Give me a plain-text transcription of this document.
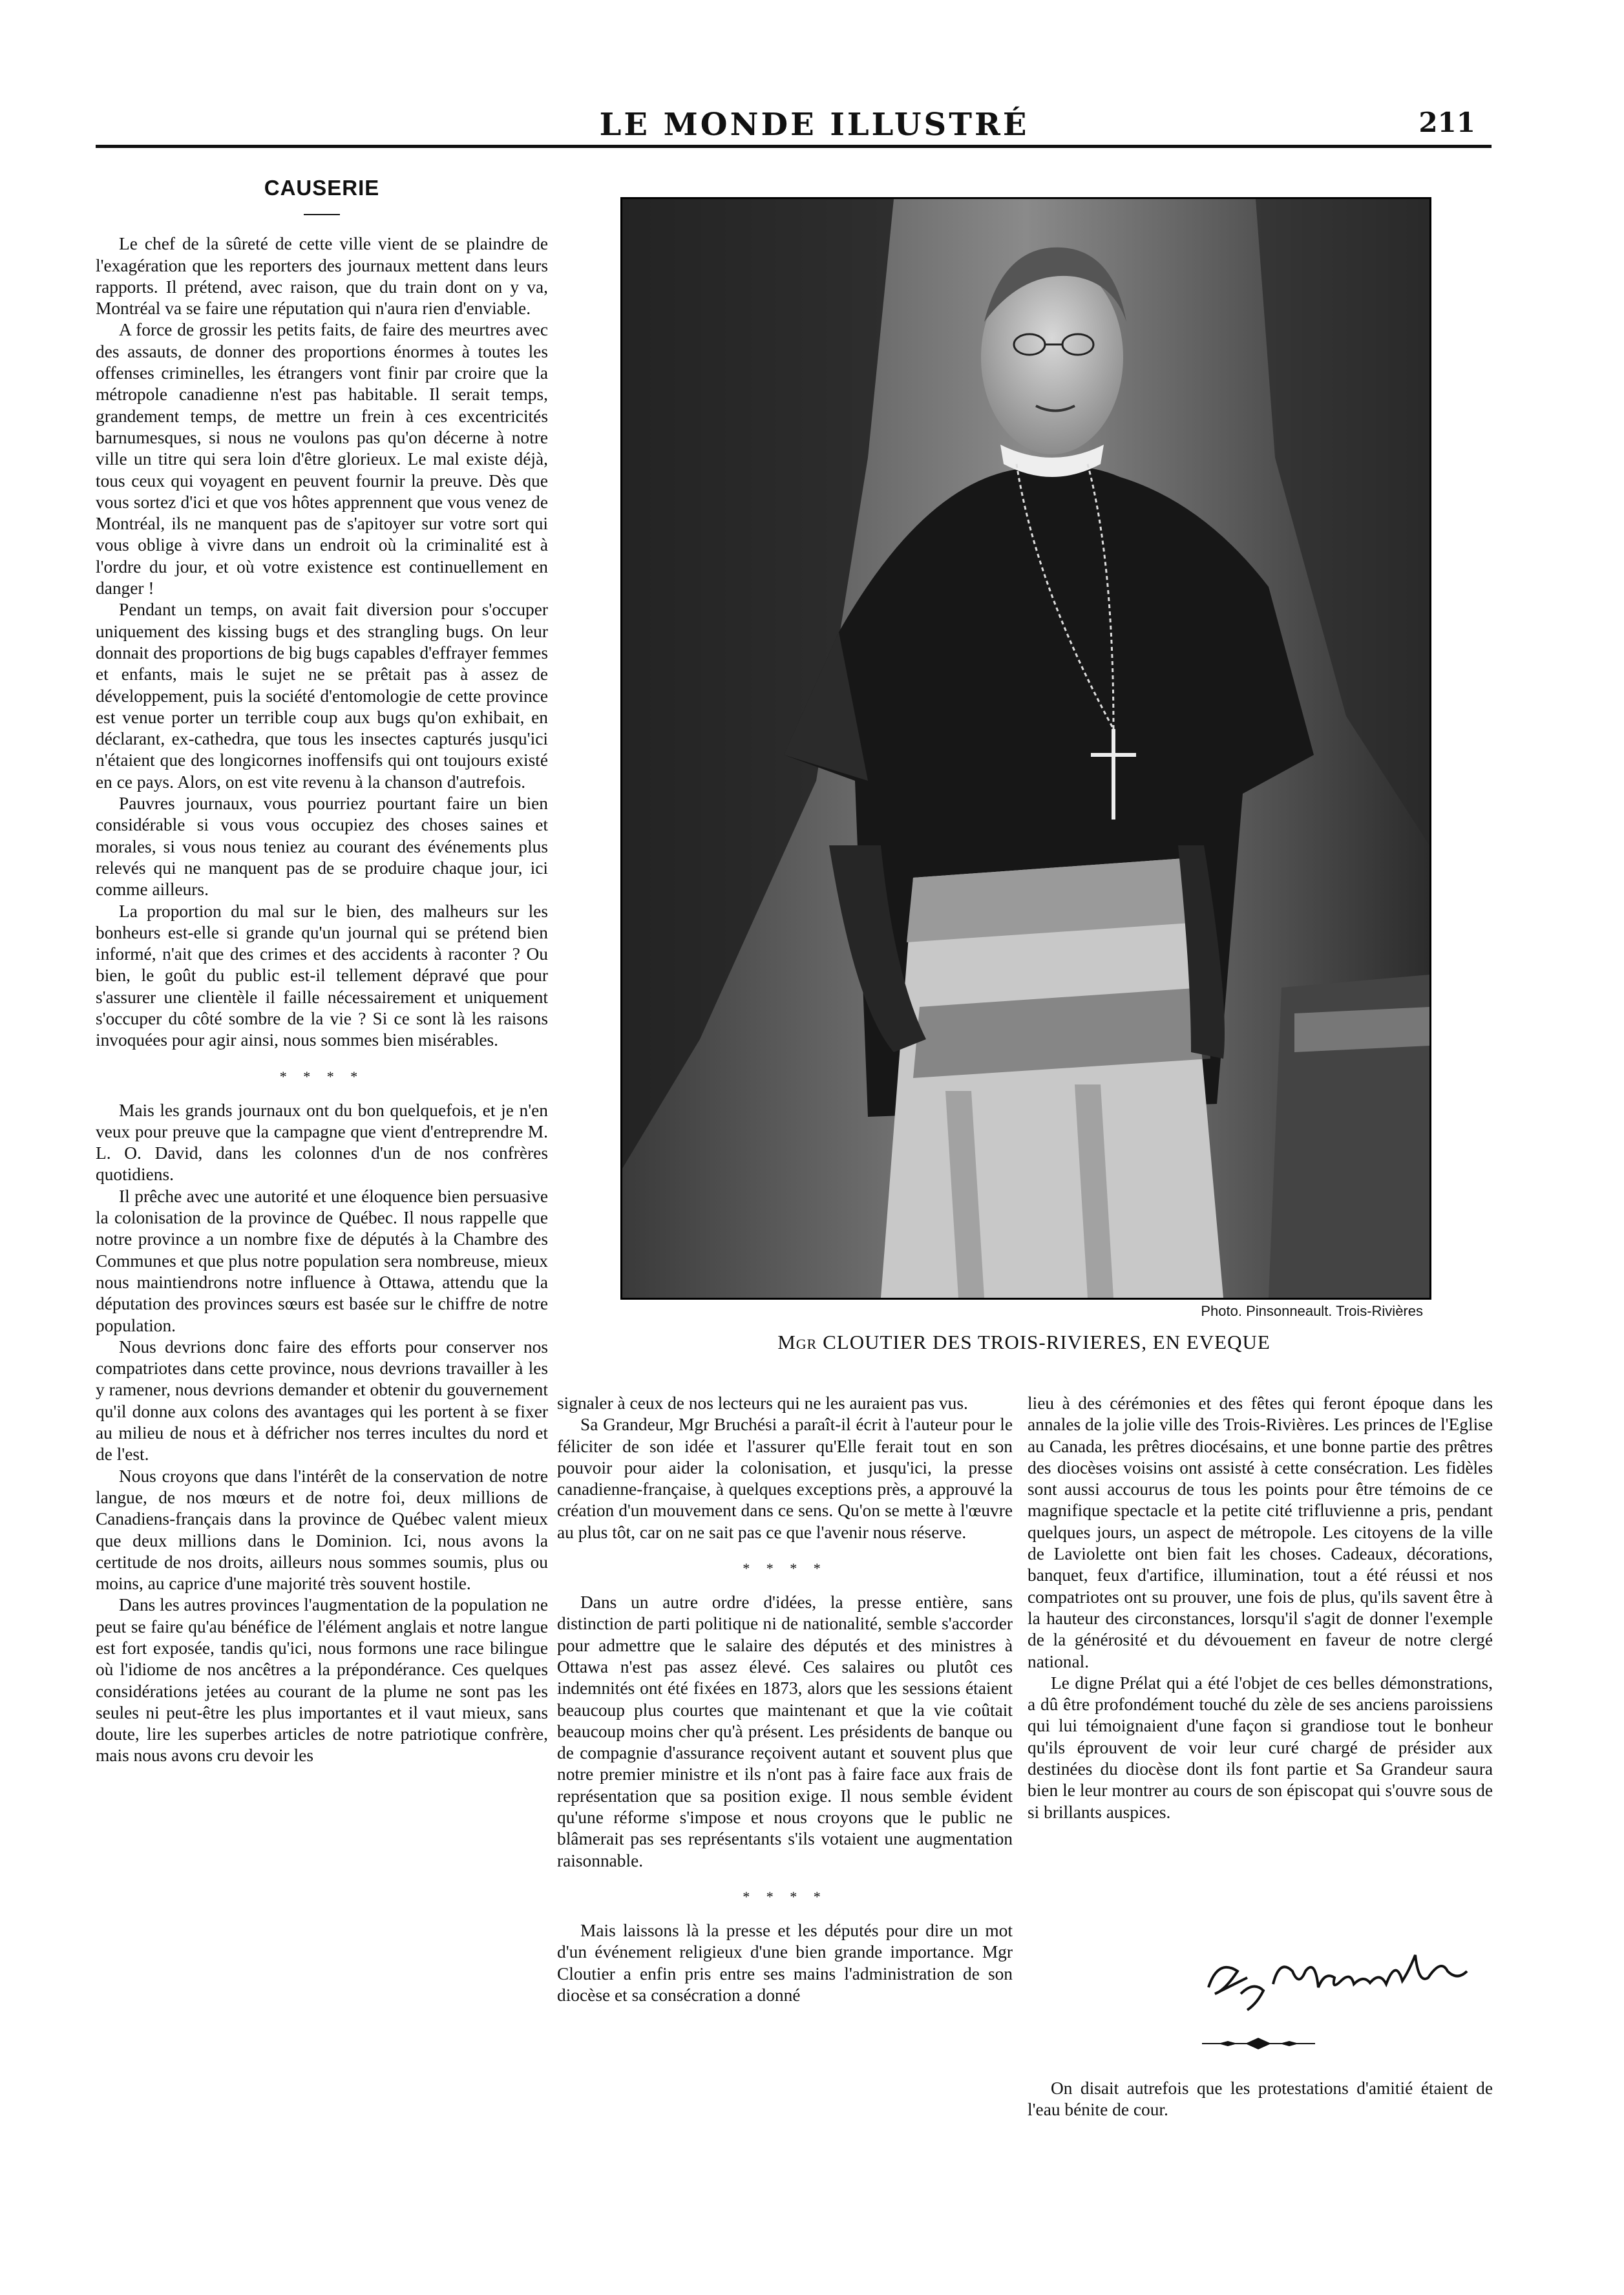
LE MONDE ILLUSTRÉ	211
CAUSERIE

Le chef de la sûreté de cette ville vient de se plaindre de l'exagération que les reporters des journaux mettent dans leurs rapports. Il prétend, avec raison, que du train dont on y va, Montréal va se faire une réputation qui n'aura rien d'enviable.

A force de grossir les petits faits, de faire des meurtres avec des assauts, de donner des proportions énormes à toutes les offenses criminelles, les étrangers vont finir par croire que la métropole canadienne n'est pas habitable. Il serait temps, grandement temps, de mettre un frein à ces excentricités barnumesques, si nous ne voulons pas qu'on décerne à notre ville un titre qui sera loin d'être glorieux. Le mal existe déjà, tous ceux qui voyagent en peuvent fournir la preuve. Dès que vous sortez d'ici et que vos hôtes apprennent que vous venez de Montréal, ils ne manquent pas de s'apitoyer sur votre sort qui vous oblige à vivre dans un endroit où la criminalité est à l'ordre du jour, et où votre existence est continuellement en danger !

Pendant un temps, on avait fait diversion pour s'occuper uniquement des kissing bugs et des strangling bugs. On leur donnait des proportions de big bugs capables d'effrayer femmes et enfants, mais le sujet ne se prêtait pas à assez de développement, puis la société d'entomologie de cette province est venue porter un terrible coup aux bugs qu'on exhibait, en déclarant, ex-cathedra, que tous les insectes capturés jusqu'ici n'étaient que des longicornes inoffensifs qui ont toujours existé en ce pays. Alors, on est vite revenu à la chanson d'autrefois.

Pauvres journaux, vous pourriez pourtant faire un bien considérable si vous vous occupiez des choses saines et morales, si vous nous teniez au courant des événements plus relevés qui ne manquent pas de se produire chaque jour, ici comme ailleurs.

La proportion du mal sur le bien, des malheurs sur les bonheurs est-elle si grande qu'un journal qui se prétend bien informé, n'ait que des crimes et des accidents à raconter ? Ou bien, le goût du public est-il tellement dépravé que pour s'assurer une clientèle il faille nécessairement et uniquement s'occuper du côté sombre de la vie ? Si ce sont là les raisons invoquées pour agir ainsi, nous sommes bien misérables.

* * * *

Mais les grands journaux ont du bon quelquefois, et je n'en veux pour preuve que la campagne que vient d'entreprendre M. L. O. David, dans les colonnes d'un de nos confrères quotidiens.

Il prêche avec une autorité et une éloquence bien persuasive la colonisation de la province de Québec. Il nous rappelle que notre province a un nombre fixe de députés à la Chambre des Communes et que plus notre population sera nombreuse, mieux nous maintiendrons notre influence à Ottawa, attendu que la députation des provinces sœurs est basée sur le chiffre de notre population.

Nous devrions donc faire des efforts pour conserver nos compatriotes dans cette province, nous devrions travailler à les y ramener, nous devrions demander et obtenir du gouvernement qu'il donne aux colons des avantages qui les portent à se fixer au milieu de nous et à défricher nos terres incultes du nord et de l'est.

Nous croyons que dans l'intérêt de la conservation de notre langue, de nos mœurs et de notre foi, deux millions de Canadiens-français dans la province de Québec valent mieux que deux millions dans le Dominion. Ici, nous avons la certitude de nos droits, ailleurs nous sommes soumis, plus ou moins, au caprice d'une majorité très souvent hostile.

Dans les autres provinces l'augmentation de la population ne peut se faire qu'au bénéfice de l'élément anglais et notre langue est fort exposée, tandis qu'ici, nous formons une race bilingue où l'idiome de nos ancêtres a la prépondérance. Ces quelques considérations jetées au courant de la plume ne sont pas les seules ni peut-être les plus importantes et il vaut mieux, sans doute, lire les superbes articles de notre patriotique confrère, mais nous avons cru devoir les

Photo. Pinsonneault. Trois-Rivières
Mgr CLOUTIER DES TROIS-RIVIERES, EN EVEQUE

signaler à ceux de nos lecteurs qui ne les auraient pas vus.

Sa Grandeur, Mgr Bruchési a paraît-il écrit à l'auteur pour le féliciter de son idée et l'assurer qu'Elle ferait tout en son pouvoir pour aider la colonisation, et jusqu'ici, la presse canadienne-française, à quelques exceptions près, a approuvé la création d'un mouvement dans ce sens. Qu'on se mette à l'œuvre au plus tôt, car on ne sait pas ce que l'avenir nous réserve.

* * * *

Dans un autre ordre d'idées, la presse entière, sans distinction de parti politique ni de nationalité, semble s'accorder pour admettre que le salaire des députés et des ministres à Ottawa n'est pas assez élevé. Ces salaires ou plutôt ces indemnités ont été fixées en 1873, alors que les sessions étaient beaucoup plus courtes que maintenant et que la vie coûtait beaucoup moins cher qu'à présent. Les présidents de banque ou de compagnie d'assurance reçoivent autant et souvent plus que notre premier ministre et ils n'ont pas à faire face aux frais de représentation que sa position exige. Il nous semble évident qu'une réforme s'impose et nous croyons que le public ne blâmerait pas ses représentants s'ils votaient une augmentation raisonnable.

* * * *

Mais laissons là la presse et les députés pour dire un mot d'un événement religieux d'une bien grande importance. Mgr Cloutier a enfin pris entre ses mains l'administration de son diocèse et sa consécration a donné

lieu à des cérémonies et des fêtes qui feront époque dans les annales de la jolie ville des Trois-Rivières. Les princes de l'Eglise au Canada, les prêtres diocésains, et une bonne partie des prêtres des diocèses voisins ont assisté à cette consécration. Les fidèles sont aussi accourus de tous les points pour être témoins de ce magnifique spectacle et la petite cité trifluvienne a pris, pendant quelques jours, un aspect de métropole. Les citoyens de la ville de Laviolette ont bien fait les choses. Cadeaux, décorations, banquet, feux d'artifice, illumination, tout a été réussi et nos compatriotes ont su prouver, une fois de plus, qu'ils savent être à la hauteur des circonstances, lorsqu'il s'agit de donner l'exemple de la générosité et du dévouement en faveur de notre clergé national.

Le digne Prélat qui a été l'objet de ces belles démonstrations, a dû être profondément touché du zèle de ses anciens paroissiens qui lui témoignaient d'une façon si grandiose tout le bonheur qu'ils éprouvent de voir leur curé chargé de présider aux destinées du diocèse dont ils font partie et Sa Grandeur saura bien le leur montrer au cours de son épiscopat qui s'ouvre sous de si brillants auspices.

On disait autrefois que les protestations d'amitié étaient de l'eau bénite de cour.
